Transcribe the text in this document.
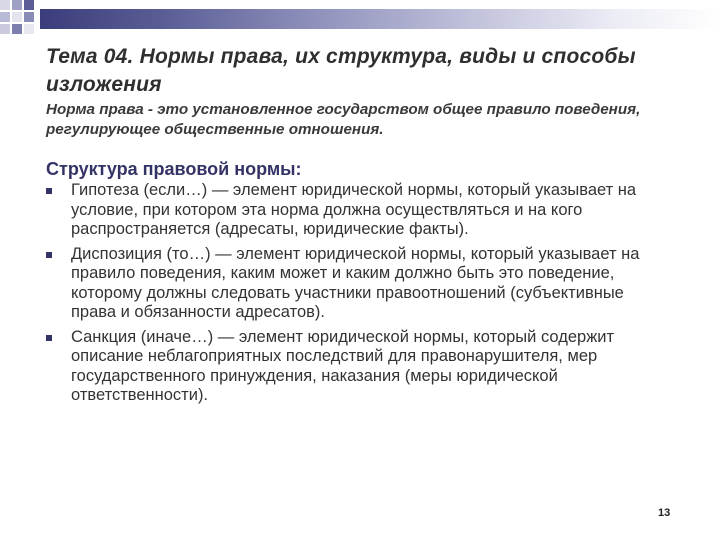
Тема 04. Нормы права, их структура, виды и способы изложения

Норма права - это установленное государством общее правило поведения, регулирующее общественные отношения.

Структура правовой нормы:
Гипотеза (если…) — элемент юридической нормы, который указывает на условие, при котором эта норма должна осуществляться и на кого распространяется (адресаты, юридические факты).
Диспозиция (то…) — элемент юридической нормы, который указывает на правило поведения, каким может и каким должно быть это поведение, которому должны следовать участники правоотношений (субъективные права и обязанности адресатов).
Санкция (иначе…) — элемент юридической нормы, который содержит описание неблагоприятных последствий для правонарушителя, мер государственного принуждения, наказания (меры юридической ответственности).
13
